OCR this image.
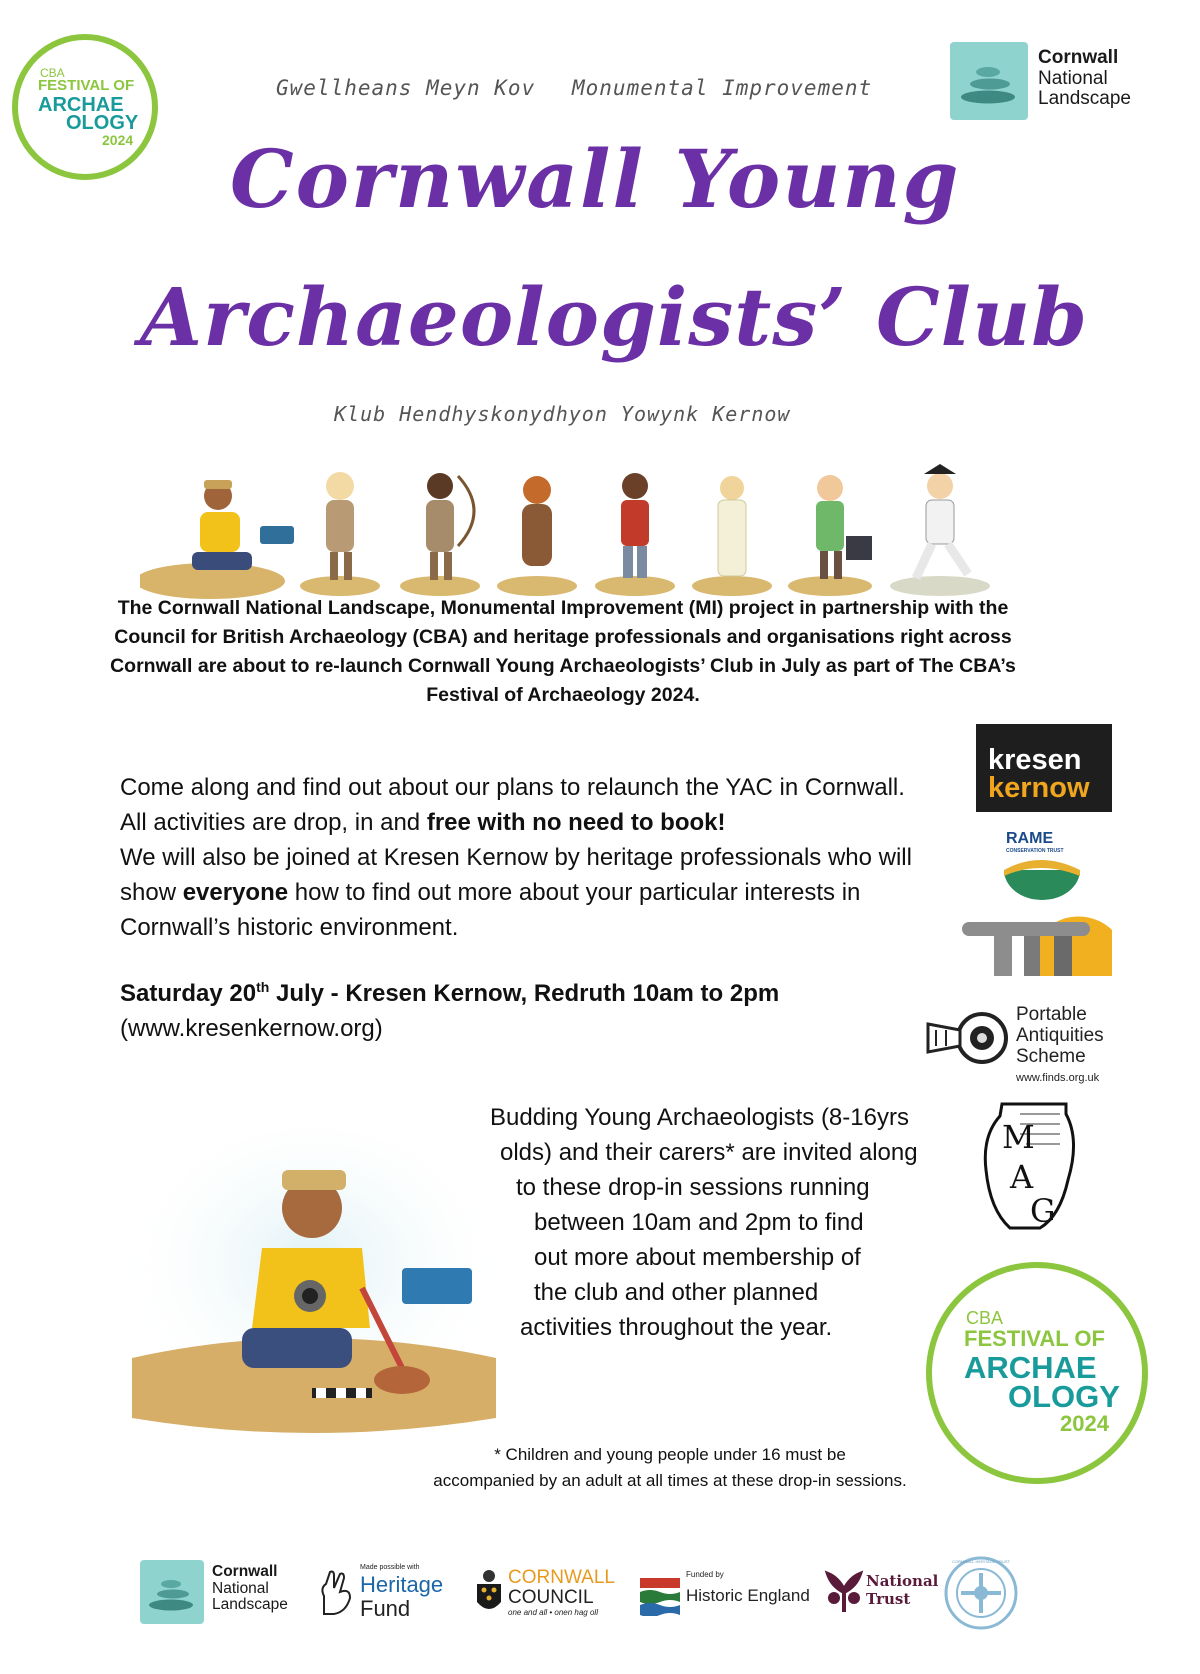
CBA
FESTIVAL OF
ARCHAE
OLOGY
2024
Cornwall
National
Landscape
Gwellheans Meyn Kov Monumental Improvement
Cornwall Young
Archaeologists’ Club
Klub Hendhyskonydhyon Yowynk Kernow
The Cornwall National Landscape, Monumental Improvement (MI) project in partnership with the Council for British Archaeology (CBA) and heritage professionals and organisations right across Cornwall are about to re-launch Cornwall Young Archaeologists’ Club in July as part of The CBA’s Festival of Archaeology 2024.
Come along and find out about our plans to relaunch the YAC in Cornwall.
All activities are drop, in and free with no need to book!
We will also be joined at Kresen Kernow by heritage professionals who will
show everyone how to find out more about your particular interests in
Cornwall’s historic environment.
Saturday 20th July - Kresen Kernow, Redruth 10am to 2pm
(www.kresenkernow.org)
kresen
kernow
RAME
CONSERVATION TRUST
Portable
Antiquities
Scheme
www.finds.org.uk
M
A
G
Budding Young Archaeologists (8-16yrs
olds) and their carers* are invited along
to these drop-in sessions running
between 10am and 2pm to find
out more about membership of
the club and other planned
activities throughout the year.	CBA
FESTIVAL OF
ARCHAE
OLOGY
2024
* Children and young people under 16 must be
accompanied by an adult at all times at these drop-in sessions.
Cornwall
National
Landscape
Made possible with
Heritage
Fund
CORNWALL
COUNCIL
one and all • onen hag oll
Funded by
Historic England
National
Trust
CORNWALL HERITAGE TRUST
